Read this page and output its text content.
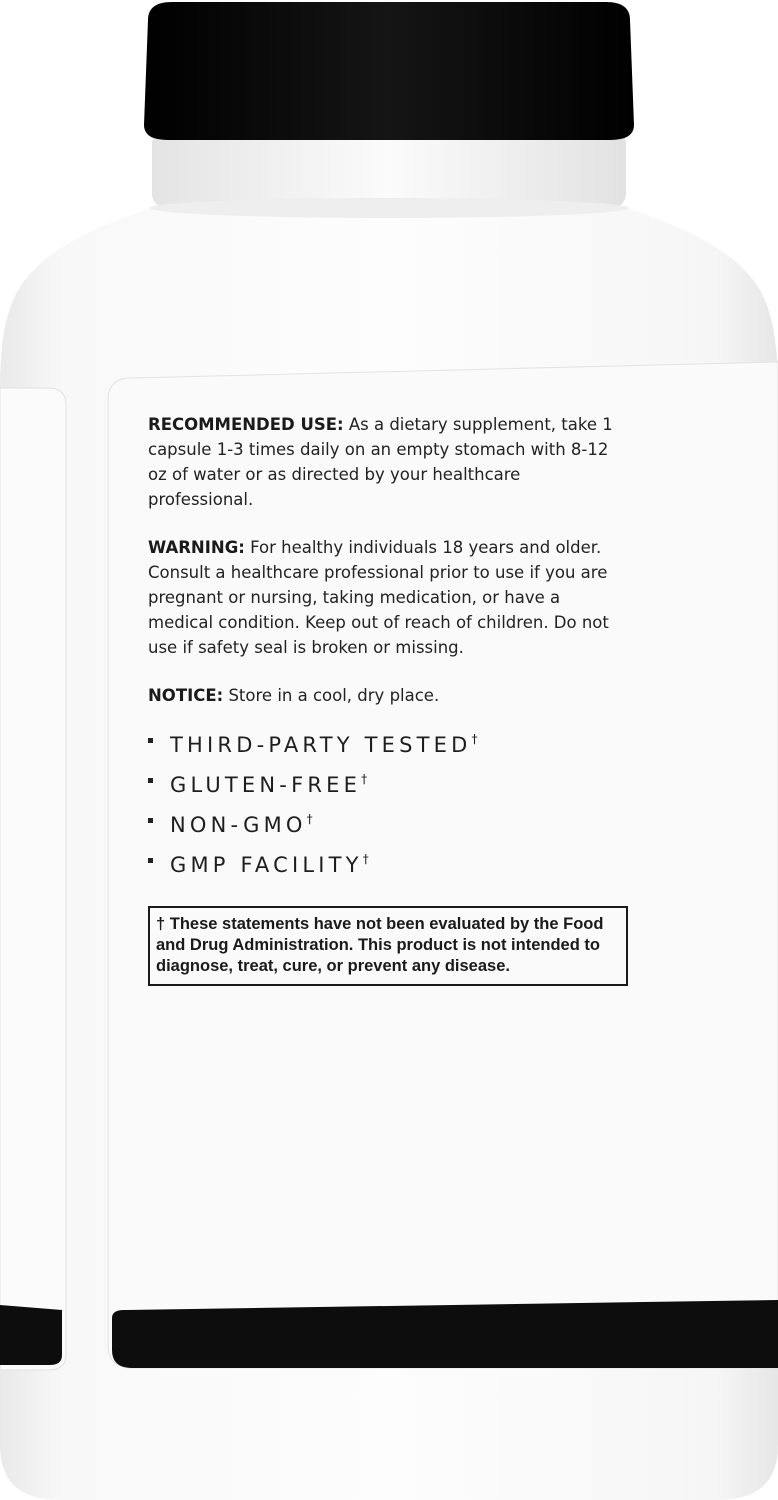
RECOMMENDED USE: As a dietary supplement, take 1 capsule 1-3 times daily on an empty stomach with 8-12 oz of water or as directed by your healthcare professional.

WARNING: For healthy individuals 18 years and older. Consult a healthcare professional prior to use if you are pregnant or nursing, taking medication, or have a medical condition. Keep out of reach of children. Do not use if safety seal is broken or missing.

NOTICE: Store in a cool, dry place.

THIRD-PARTY TESTED†
GLUTEN-FREE†
NON-GMO†
GMP FACILITY†
† These statements have not been evaluated by the Food and Drug Administration. This product is not intended to diagnose, treat, cure, or prevent any disease.
